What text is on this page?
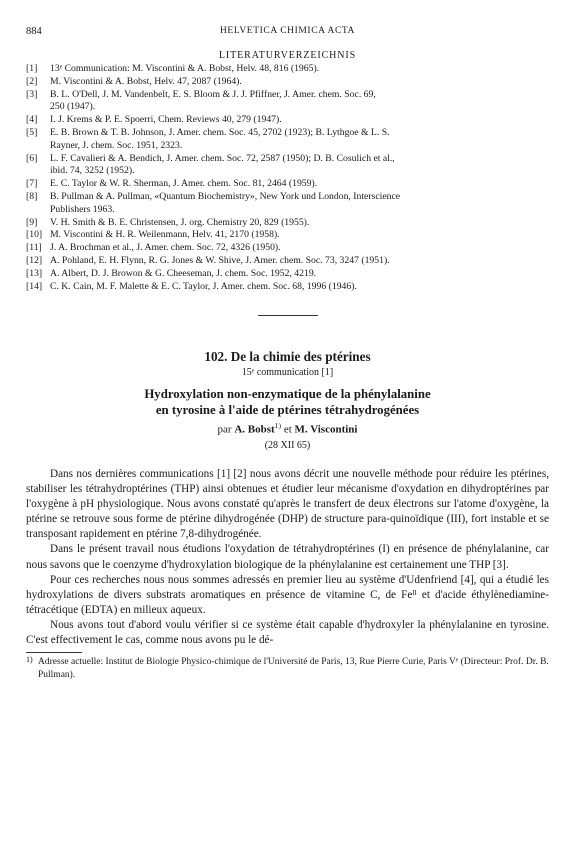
884	HELVETICA CHIMICA ACTA
LITERATURVERZEICHNIS
[1] 13ᵉ Communication: M. Viscontini & A. Bobst, Helv. 48, 816 (1965).
[2] M. Viscontini & A. Bobst, Helv. 47, 2087 (1964).
[3] B. L. O'Dell, J. M. Vandenbelt, E. S. Bloom & J. J. Pfiffner, J. Amer. chem. Soc. 69,
250 (1947).
[4] I. J. Krems & P. E. Spoerri, Chem. Reviews 40, 279 (1947).
[5] E. B. Brown & T. B. Johnson, J. Amer. chem. Soc. 45, 2702 (1923); B. Lythgoe & L. S.
Rayner, J. chem. Soc. 1951, 2323.
[6] L. F. Cavalieri & A. Bendich, J. Amer. chem. Soc. 72, 2587 (1950); D. B. Cosulich et al.,
ibid. 74, 3252 (1952).
[7] E. C. Taylor & W. R. Sherman, J. Amer. chem. Soc. 81, 2464 (1959).
[8] B. Pullman & A. Pullman, «Quantum Biochemistry», New York und London, Interscience
Publishers 1963.
[9] V. H. Smith & B. E. Christensen, J. org. Chemistry 20, 829 (1955).
[10] M. Viscontini & H. R. Weilenmann, Helv. 41, 2170 (1958).
[11] J. A. Brochman et al., J. Amer. chem. Soc. 72, 4326 (1950).
[12] A. Pohland, E. H. Flynn, R. G. Jones & W. Shive, J. Amer. chem. Soc. 73, 3247 (1951).
[13] A. Albert, D. J. Browon & G. Cheeseman, J. chem. Soc. 1952, 4219.
[14] C. K. Cain, M. F. Malette & E. C. Taylor, J. Amer. chem. Soc. 68, 1996 (1946).
102. De la chimie des ptérines
15ᵉ communication [1]
Hydroxylation non-enzymatique de la phénylalanine
en tyrosine à l'aide de ptérines tétrahydrogénées
par A. Bobst$^{1)}$ et M. Viscontini
(28 XII 65)

Dans nos dernières communications [1] [2] nous avons décrit une nouvelle méthode pour réduire les ptérines, stabiliser les tétrahydroptérines (THP) ainsi obtenues et étudier leur mécanisme d'oxydation en dihydroptérines par l'oxygène à pH physiologique. Nous avons constaté qu'après le transfert de deux électrons sur l'atome d'oxygène, la ptérine se retrouve sous forme de ptérine dihydrogénée (DHP) de structure para-quinoïdique (III), fort instable et se transposant rapidement en ptérine 7,8-dihydrogénée.

Dans le présent travail nous étudions l'oxydation de tétrahydroptérines (I) en présence de phénylalanine, car nous savons que le coenzyme d'hydroxylation biologique de la phénylalanine est certainement une THP [3].

Pour ces recherches nous nous sommes adressés en premier lieu au système d'Udenfriend [4], qui a étudié les hydroxylations de divers substrats aromatiques en présence de vitamine C, de Feᴵᴵ et d'acide éthylènediamine-tétracétique (EDTA) en milieux aqueux.

Nous avons tout d'abord voulu vérifier si ce système était capable d'hydroxyler la phénylalanine en tyrosine. C'est effectivement le cas, comme nous avons pu le dé-

1) Adresse actuelle: Institut de Biologie Physico-chimique de l'Université de Paris, 13, Rue Pierre Curie, Paris Vᵉ (Directeur: Prof. Dr. B. Pullman).
